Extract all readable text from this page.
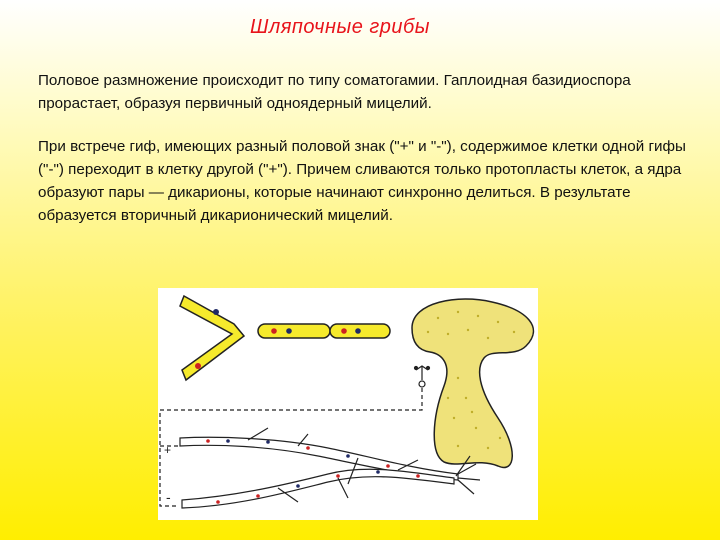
Шляпочные грибы

Половое размножение происходит по типу соматогамии. Гаплоидная базидиоспора прорастает, образуя первичный одноядерный мицелий.

При встрече гиф, имеющих разный половой знак ("+" и "-"), содержимое клетки одной гифы ("-") переходит в клетку другой ("+"). Причем сливаются только протопласты клеток, а ядра образуют пары — дикарионы, которые начинают синхронно делиться. В результате образуется вторичный дикарионический мицелий.

+
-
